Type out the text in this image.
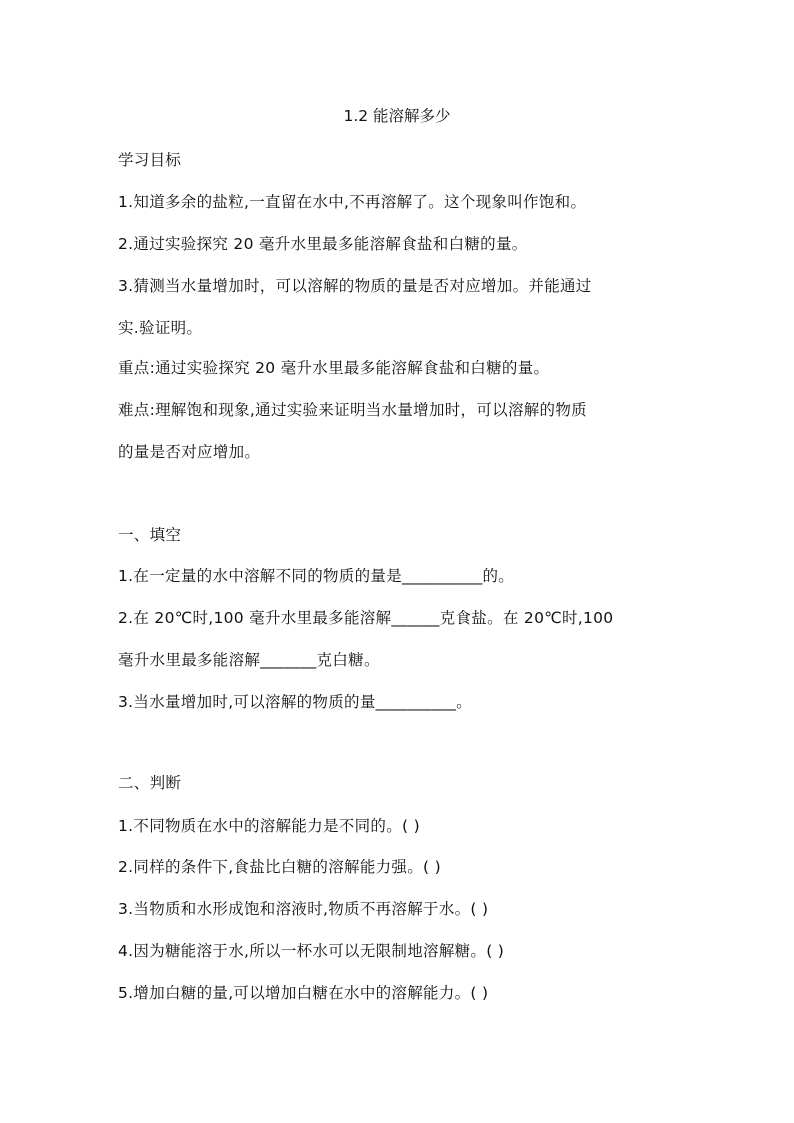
1.2 能溶解多少
学习目标
1.知道多余的盐粒,一直留在水中,不再溶解了。这个现象叫作饱和。
2.通过实验探究 20 毫升水里最多能溶解食盐和白糖的量。
3.猜测当水量增加时，可以溶解的物质的量是否对应增加。并能通过
实.验证明。
重点:通过实验探究 20 毫升水里最多能溶解食盐和白糖的量。
难点:理解饱和现象,通过实验来证明当水量增加时，可以溶解的物质
的量是否对应增加。
一、填空
1.在一定量的水中溶解不同的物质的量是__________的。
2.在 20℃时,100 毫升水里最多能溶解______克食盐。在 20℃时,100
毫升水里最多能溶解_______克白糖。
3.当水量增加时,可以溶解的物质的量__________。
二、判断
1.不同物质在水中的溶解能力是不同的。( )
2.同样的条件下,食盐比白糖的溶解能力强。( )
3.当物质和水形成饱和溶液时,物质不再溶解于水。( )
4.因为糖能溶于水,所以一杯水可以无限制地溶解糖。( )
5.增加白糖的量,可以增加白糖在水中的溶解能力。( )
